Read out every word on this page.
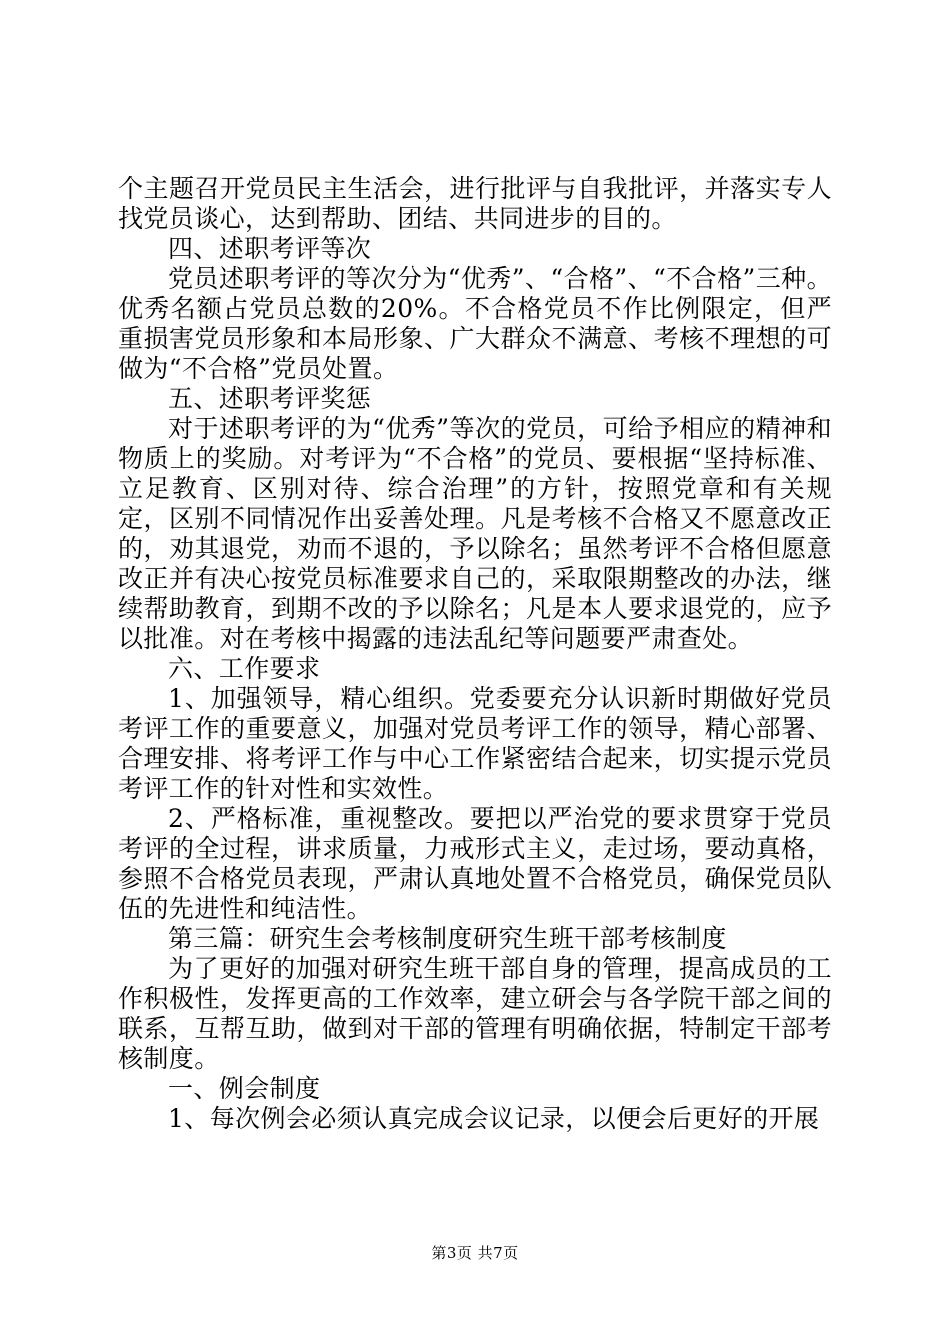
个主题召开党员民主生活会，进行批评与自我批评，并落实专人找党员谈心，达到帮助、团结、共同进步的目的。

四、述职考评等次

党员述职考评的等次分为“优秀”、“合格”、“不合格”三种。优秀名额占党员总数的20%。不合格党员不作比例限定，但严重损害党员形象和本局形象、广大群众不满意、考核不理想的可做为“不合格”党员处置。

五、述职考评奖惩

对于述职考评的为“优秀”等次的党员，可给予相应的精神和物质上的奖励。对考评为“不合格”的党员、要根据“坚持标准、立足教育、区别对待、综合治理”的方针，按照党章和有关规定，区别不同情况作出妥善处理。凡是考核不合格又不愿意改正的，劝其退党，劝而不退的，予以除名；虽然考评不合格但愿意改正并有决心按党员标准要求自己的，采取限期整改的办法，继续帮助教育，到期不改的予以除名；凡是本人要求退党的，应予以批准。对在考核中揭露的违法乱纪等问题要严肃查处。

六、工作要求

1、加强领导，精心组织。党委要充分认识新时期做好党员考评工作的重要意义，加强对党员考评工作的领导，精心部署、合理安排、将考评工作与中心工作紧密结合起来，切实提示党员考评工作的针对性和实效性。

2、严格标准，重视整改。要把以严治党的要求贯穿于党员考评的全过程，讲求质量，力戒形式主义，走过场，要动真格，参照不合格党员表现，严肃认真地处置不合格党员，确保党员队伍的先进性和纯洁性。

第三篇：研究生会考核制度研究生班干部考核制度

为了更好的加强对研究生班干部自身的管理，提高成员的工作积极性，发挥更高的工作效率，建立研会与各学院干部之间的联系，互帮互助，做到对干部的管理有明确依据，特制定干部考核制度。

一、例会制度

1、每次例会必须认真完成会议记录，以便会后更好的开展

第3页 共7页
